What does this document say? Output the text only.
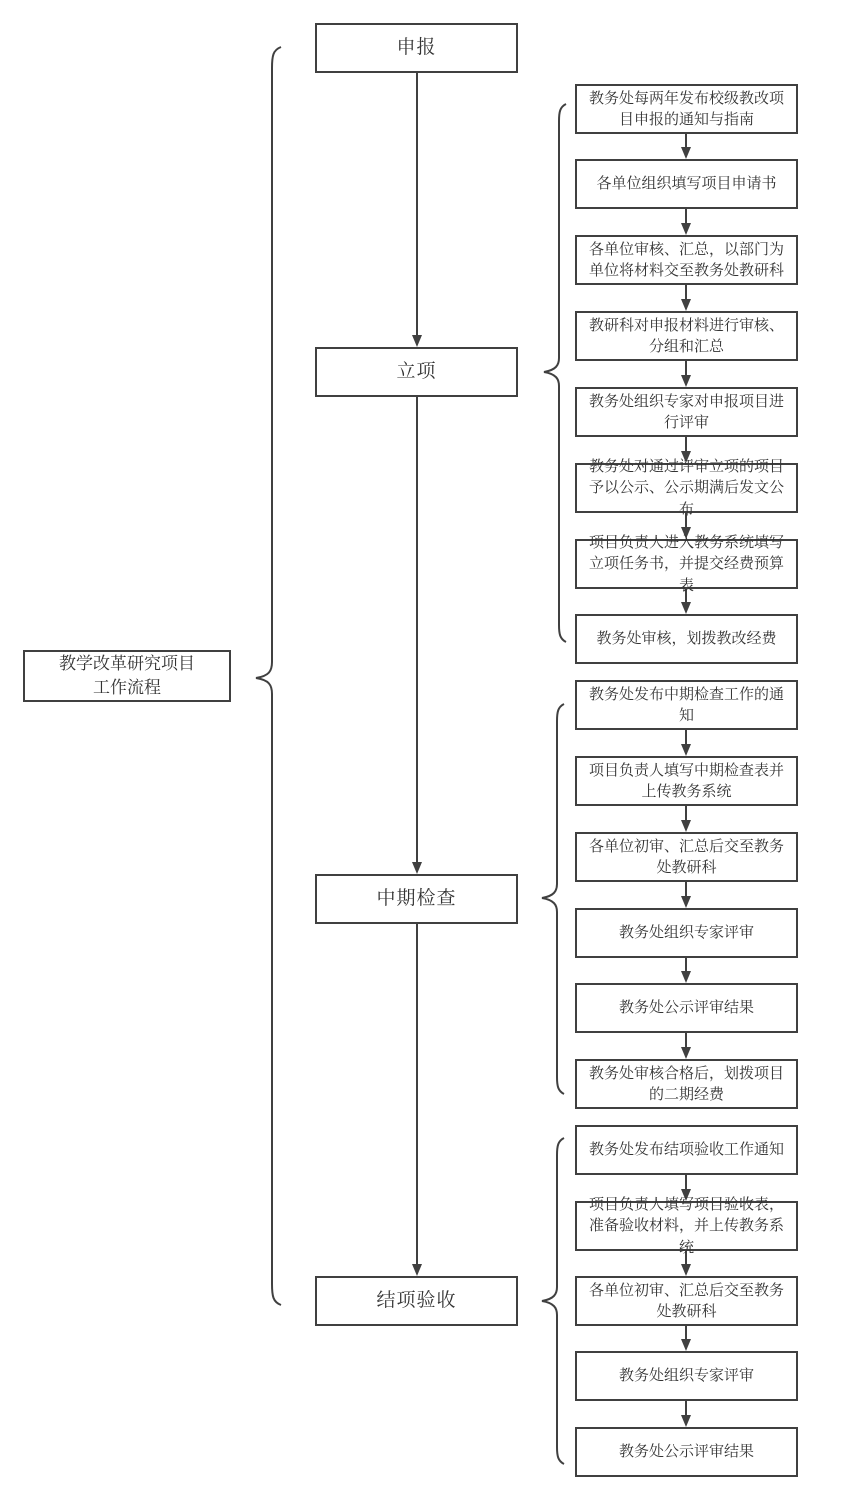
教学改革研究项目
工作流程
申报
立项
中期检查
结项验收
教务处每两年发布校级教改项目申报的通知与指南
各单位组织填写项目申请书
各单位审核、汇总，以部门为单位将材料交至教务处教研科
教研科对申报材料进行审核、分组和汇总
教务处组织专家对申报项目进行评审
教务处对通过评审立项的项目予以公示、公示期满后发文公布
项目负责人进入教务系统填写立项任务书，并提交经费预算表
教务处审核，划拨教改经费
教务处发布中期检查工作的通知
项目负责人填写中期检查表并上传教务系统
各单位初审、汇总后交至教务处教研科
教务处组织专家评审
教务处公示评审结果
教务处审核合格后，划拨项目的二期经费
教务处发布结项验收工作通知
项目负责人填写项目验收表，准备验收材料，并上传教务系统
各单位初审、汇总后交至教务处教研科
教务处组织专家评审
教务处公示评审结果
